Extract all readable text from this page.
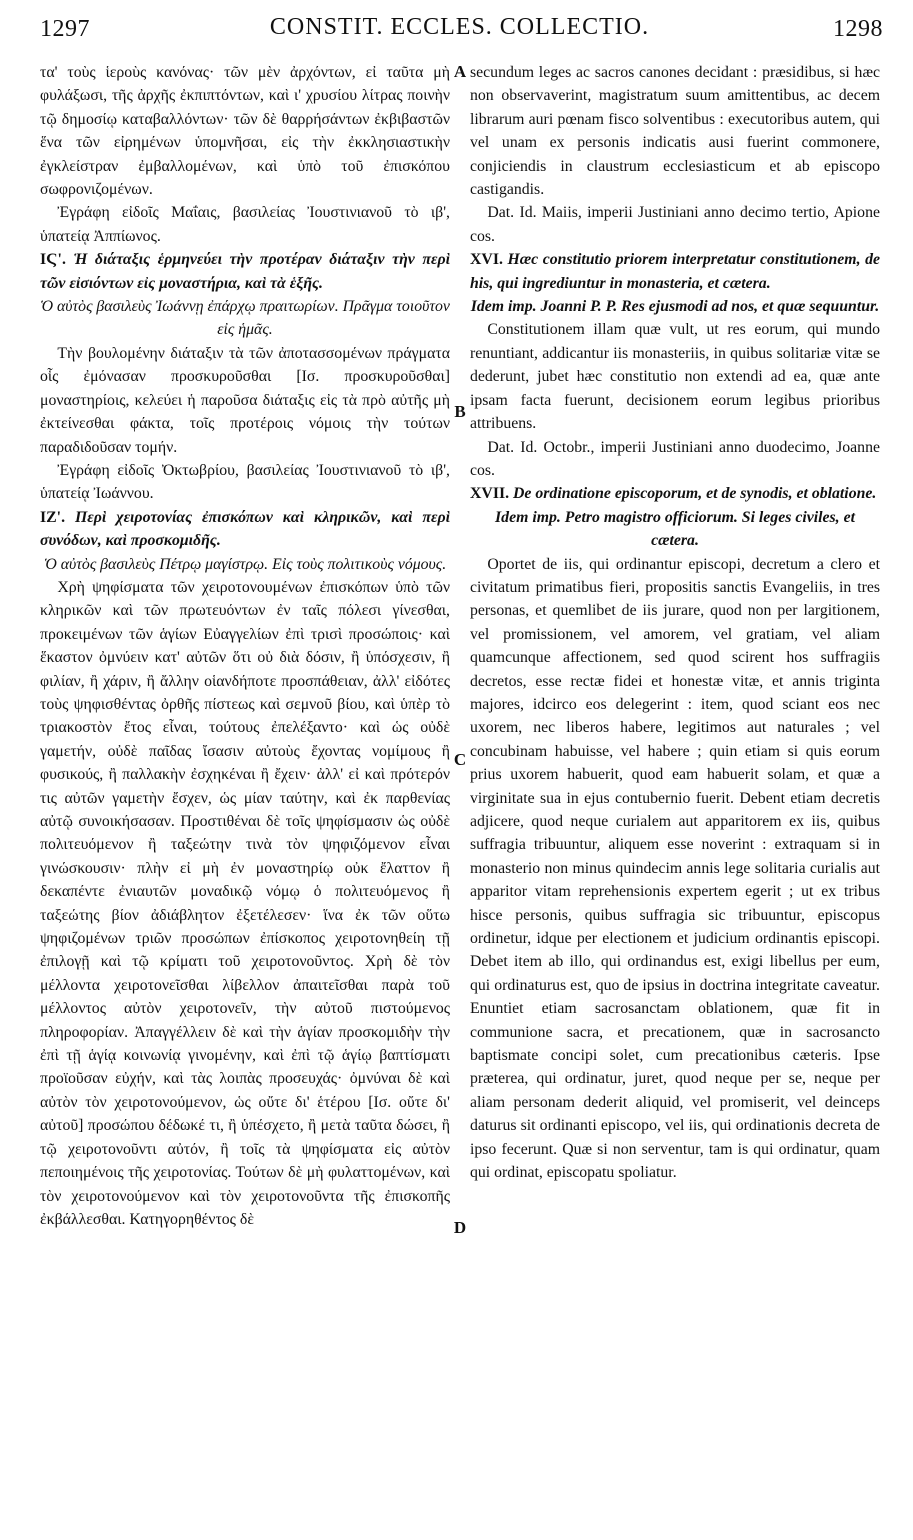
1297	CONSTIT. ECCLES. COLLECTIO.	1298

τα' τοὺς ἱεροὺς κανόνας· τῶν μὲν ἀρχόντων, εἰ ταῦτα μὴ φυλάξωσι, τῆς ἀρχῆς ἐκπιπτόντων, καὶ ι' χρυσίου λίτρας ποινὴν τῷ δημοσίῳ καταβαλλόντων· τῶν δὲ θαρρήσάντων ἐκβιβαστῶν ἕνα τῶν εἰρημένων ὑπομνῆσαι, εἰς τὴν ἐκκλησιαστικὴν ἐγκλείστραν ἐμβαλλομένων, καὶ ὑπὸ τοῦ ἐπισκόπου σωφρονιζομένων.

Ἐγράφη εἰδοῖς Μαΐαις, βασιλείας Ἰουστινιανοῦ τὸ ιβ', ὑπατείᾳ Ἀππίωνος.

ΙϚ'. Ἡ διάταξις ἑρμηνεύει τὴν προτέραν διάταξιν τὴν περὶ τῶν εἰσιόντων εἰς μοναστήρια, καὶ τὰ ἑξῆς.

Ὁ αὐτὸς βασιλεὺς Ἰωάννῃ ἐπάρχῳ πραιτωρίων. Πρᾶγμα τοιοῦτον εἰς ἡμᾶς.

Τὴν βουλομένην διάταξιν τὰ τῶν ἀποτασσομένων πράγματα οἷς ἐμόνασαν προσκυροῦσθαι [Ισ. προσκυροῦσθαι] μοναστηρίοις, κελεύει ἡ παροῦσα διάταξις εἰς τὰ πρὸ αὐτῆς μὴ ἐκτείνεσθαι φάκτα, τοῖς προτέροις νόμοις τὴν τούτων παραδιδοῦσαν τομήν.

Ἐγράφη εἰδοῖς Ὀκτωβρίου, βασιλείας Ἰουστινιανοῦ τὸ ιβ', ὑπατείᾳ Ἰωάννου.

ΙΖ'. Περὶ χειροτονίας ἐπισκόπων καὶ κληρικῶν, καὶ περὶ συνόδων, καὶ προσκομιδῆς.

Ὁ αὐτὸς βασιλεὺς Πέτρῳ μαγίστρῳ. Εἰς τοὺς πολιτικοὺς νόμους.

Χρὴ ψηφίσματα τῶν χειροτονουμένων ἐπισκόπων ὑπὸ τῶν κληρικῶν καὶ τῶν πρωτευόντων ἐν ταῖς πόλεσι γίνεσθαι, προκειμένων τῶν ἁγίων Εὐαγγελίων ἐπὶ τρισὶ προσώποις· καὶ ἕκαστον ὀμνύειν κατ' αὐτῶν ὅτι οὐ διὰ δόσιν, ἢ ὑπόσχεσιν, ἢ φιλίαν, ἢ χάριν, ἢ ἄλλην οἱανδήποτε προσπάθειαν, ἀλλ' εἰδότες τοὺς ψηφισθέντας ὀρθῆς πίστεως καὶ σεμνοῦ βίου, καὶ ὑπὲρ τὸ τριακοστὸν ἔτος εἶναι, τούτους ἐπελέξαντο· καὶ ὡς οὐδὲ γαμετήν, οὐδὲ παῖδας ἴσασιν αὐτοὺς ἔχοντας νομίμους ἢ φυσικούς, ἢ παλλακὴν ἐσχηκέναι ἢ ἔχειν· ἀλλ' εἰ καὶ πρότερόν τις αὐτῶν γαμετὴν ἔσχεν, ὡς μίαν ταύτην, καὶ ἐκ παρθενίας αὐτῷ συνοικήσασαν. Προστιθέναι δὲ τοῖς ψηφίσμασιν ὡς οὐδὲ πολιτευόμενον ἢ ταξεώτην τινὰ τὸν ψηφιζόμενον εἶναι γινώσκουσιν· πλὴν εἰ μὴ ἐν μοναστηρίῳ οὐκ ἔλαττον ἢ δεκαπέντε ἐνιαυτῶν μοναδικῷ νόμῳ ὁ πολιτευόμενος ἢ ταξεώτης βίον ἀδιάβλητον ἐξετέλεσεν· ἵνα ἐκ τῶν οὕτω ψηφιζομένων τριῶν προσώπων ἐπίσκοπος χειροτονηθείη τῇ ἐπιλογῇ καὶ τῷ κρίματι τοῦ χειροτονοῦντος. Χρὴ δὲ τὸν μέλλοντα χειροτονεῖσθαι λίβελλον ἀπαιτεῖσθαι παρὰ τοῦ μέλλοντος αὐτὸν χειροτονεῖν, τὴν αὐτοῦ πιστούμενος πληροφορίαν. Ἀπαγγέλλειν δὲ καὶ τὴν ἁγίαν προσκομιδὴν τὴν ἐπὶ τῇ ἁγίᾳ κοινωνίᾳ γινομένην, καὶ ἐπὶ τῷ ἁγίῳ βαπτίσματι προϊοῦσαν εὐχήν, καὶ τὰς λοιπὰς προσευχάς· ὀμνύναι δὲ καὶ αὐτὸν τὸν χειροτονούμενον, ὡς οὔτε δι' ἑτέρου [Ισ. οὔτε δι' αὐτοῦ] προσώπου δέδωκέ τι, ἢ ὑπέσχετο, ἢ μετὰ ταῦτα δώσει, ἢ τῷ χειροτονοῦντι αὐτόν, ἢ τοῖς τὰ ψηφίσματα εἰς αὐτὸν πεποιημένοις τῆς χειροτονίας. Τούτων δὲ μὴ φυλαττομένων, καὶ τὸν χειροτονούμενον καὶ τὸν χειροτονοῦντα τῆς ἐπισκοπῆς ἐκβάλλεσθαι. Κατηγορηθέντος δὲ

A
B
C
D

secundum leges ac sacros canones decidant : præsidibus, si hæc non observaverint, magistratum suum amittentibus, ac decem librarum auri pœnam fisco solventibus : executoribus autem, qui vel unam ex personis indicatis ausi fuerint commonere, conjiciendis in claustrum ecclesiasticum et ab episcopo castigandis.

Dat. Id. Maiis, imperii Justiniani anno decimo tertio, Apione cos.

XVI. Hæc constitutio priorem interpretatur constitutionem, de his, qui ingrediuntur in monasteria, et cætera.

Idem imp. Joanni P. P. Res ejusmodi ad nos, et quæ sequuntur.

Constitutionem illam quæ vult, ut res eorum, qui mundo renuntiant, addicantur iis monasteriis, in quibus solitariæ vitæ se dederunt, jubet hæc constitutio non extendi ad ea, quæ ante ipsam facta fuerunt, decisionem eorum legibus prioribus attribuens.

Dat. Id. Octobr., imperii Justiniani anno duodecimo, Joanne cos.

XVII. De ordinatione episcoporum, et de synodis, et oblatione.

Idem imp. Petro magistro officiorum. Si leges civiles, et cætera.

Oportet de iis, qui ordinantur episcopi, decretum a clero et civitatum primatibus fieri, propositis sanctis Evangeliis, in tres personas, et quemlibet de iis jurare, quod non per largitionem, vel promissionem, vel amorem, vel gratiam, vel aliam quamcunque affectionem, sed quod scirent hos suffragiis decretos, esse rectæ fidei et honestæ vitæ, et annis triginta majores, idcirco eos delegerint : item, quod sciant eos nec uxorem, nec liberos habere, legitimos aut naturales ; vel concubinam habuisse, vel habere ; quin etiam si quis eorum prius uxorem habuerit, quod eam habuerit solam, et quæ a virginitate sua in ejus contubernio fuerit. Debent etiam decretis adjicere, quod neque curialem aut apparitorem ex iis, quibus suffragia tribuuntur, aliquem esse noverint : extraquam si in monasterio non minus quindecim annis lege solitaria curialis aut apparitor vitam reprehensionis expertem egerit ; ut ex tribus hisce personis, quibus suffragia sic tribuuntur, episcopus ordinetur, idque per electionem et judicium ordinantis episcopi. Debet item ab illo, qui ordinandus est, exigi libellus per eum, qui ordinaturus est, quo de ipsius in doctrina integritate caveatur. Enuntiet etiam sacrosanctam oblationem, quæ fit in communione sacra, et precationem, quæ in sacrosancto baptismate concipi solet, cum precationibus cæteris. Ipse præterea, qui ordinatur, juret, quod neque per se, neque per aliam personam dederit aliquid, vel promiserit, vel deinceps daturus sit ordinanti episcopo, vel iis, qui ordinationis decreta de ipso fecerunt. Quæ si non serventur, tam is qui ordinatur, quam qui ordinat, episcopatu spoliatur.
